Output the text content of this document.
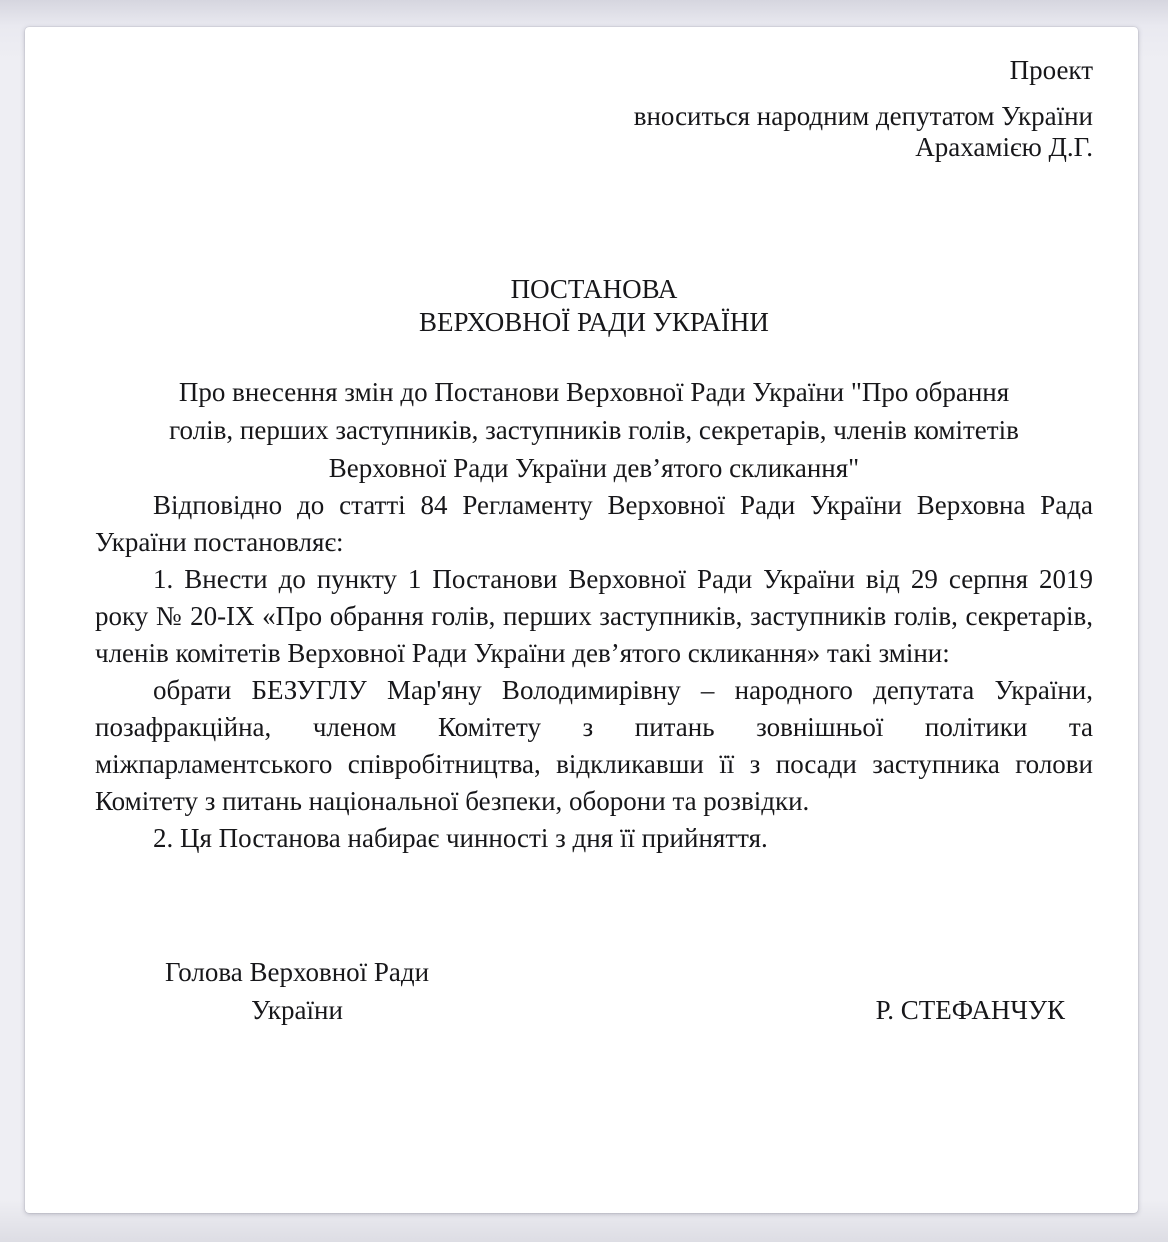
Проект
вноситься народним депутатом України
Арахамією Д.Г.
ПОСТАНОВА
ВЕРХОВНОЇ РАДИ УКРАЇНИ
Про внесення змін до Постанови Верховної Ради України "Про обрання
голів, перших заступників, заступників голів, секретарів, членів комітетів
Верховної Ради України дев’ятого скликання"

Відповідно до статті 84 Регламенту Верховної Ради України Верховна Рада України постановляє:

1. Внести до пункту 1 Постанови Верховної Ради України від 29 серпня 2019 року № 20-IX «Про обрання голів, перших заступників, заступників голів, секретарів, членів комітетів Верховної Ради України дев’ятого скликання» такі зміни:

обрати БЕЗУГЛУ Мар'яну Володимирівну – народного депутата України, позафракційна, членом Комітету з питань зовнішньої політики та міжпарламентського співробітництва, відкликавши її з посади заступника голови Комітету з питань національної безпеки, оборони та розвідки.

2. Ця Постанова набирає чинності з дня її прийняття.

Голова Верховної Ради
України	Р. СТЕФАНЧУК
